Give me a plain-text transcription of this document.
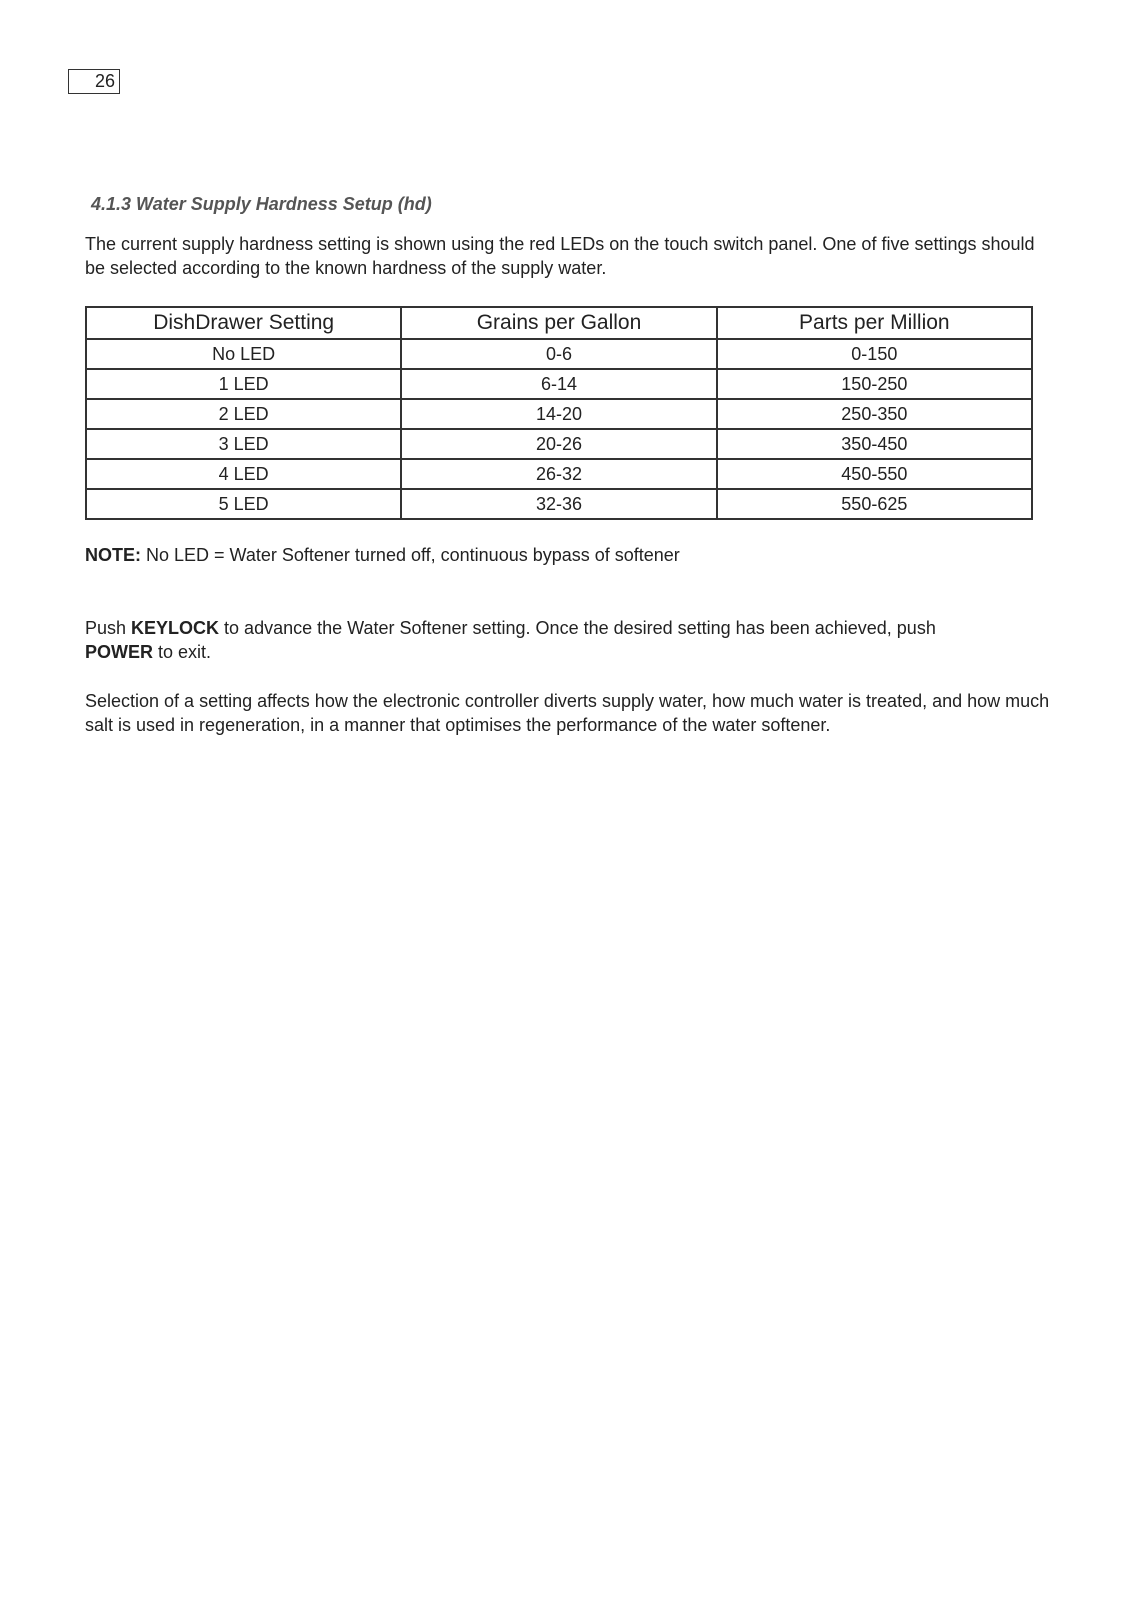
26
4.1.3 Water Supply Hardness Setup (hd)

The current supply hardness setting is shown using the red LEDs on the touch switch panel. One of five settings should be selected according to the known hardness of the supply water.

DishDrawer Setting	Grains per Gallon	Parts per Million
No LED	0-6	0-150
1 LED	6-14	150-250
2 LED	14-20	250-350
3 LED	20-26	350-450
4 LED	26-32	450-550
5 LED	32-36	550-625

NOTE: No LED = Water Softener turned off, continuous bypass of softener

Push KEYLOCK to advance the Water Softener setting. Once the desired setting has been achieved, push
POWER to exit.

Selection of a setting affects how the electronic controller diverts supply water, how much water is treated, and how much salt is used in regeneration, in a manner that optimises the performance of the water softener.
